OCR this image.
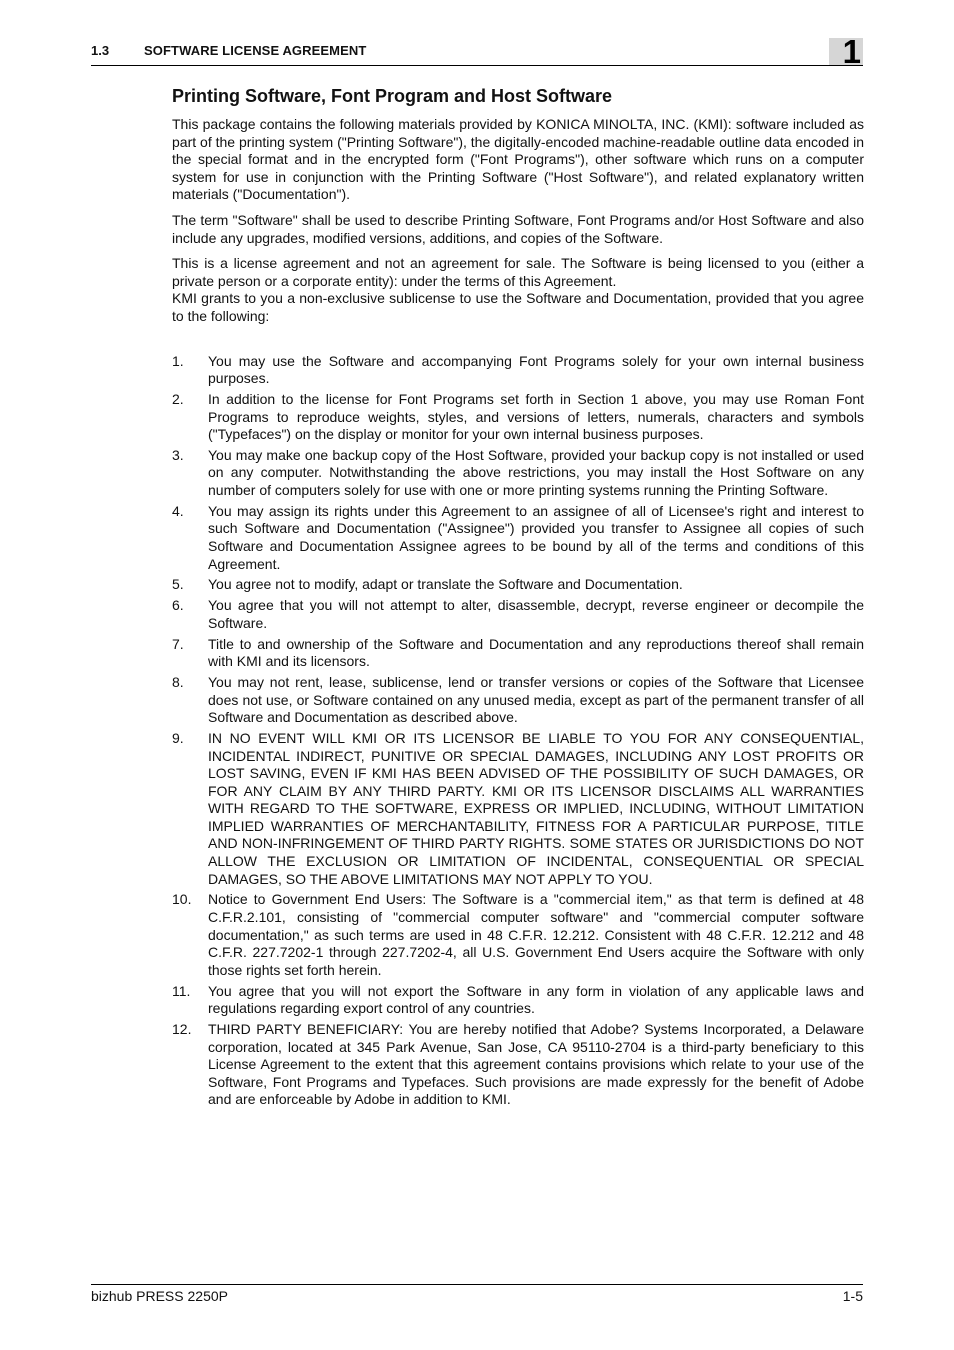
1.3	SOFTWARE LICENSE AGREEMENT	1
Printing Software, Font Program and Host Software

This package contains the following materials provided by KONICA MINOLTA, INC. (KMI): software included as part of the printing system ("Printing Software"), the digitally-encoded machine-readable outline data encoded in the special format and in the encrypted form ("Font Programs"), other software which runs on a computer system for use in conjunction with the Printing Software ("Host Software"), and related explanatory written materials ("Documentation").

The term "Software" shall be used to describe Printing Software, Font Programs and/or Host Software and also include any upgrades, modified versions, additions, and copies of the Software.

This is a license agreement and not an agreement for sale. The Software is being licensed to you (either a private person or a corporate entity): under the terms of this Agreement.
KMI grants to you a non-exclusive sublicense to use the Software and Documentation, provided that you agree to the following:

1. You may use the Software and accompanying Font Programs solely for your own internal business purposes.
2. In addition to the license for Font Programs set forth in Section 1 above, you may use Roman Font Programs to reproduce weights, styles, and versions of letters, numerals, characters and symbols ("Typefaces") on the display or monitor for your own internal business purposes.
3. You may make one backup copy of the Host Software, provided your backup copy is not installed or used on any computer. Notwithstanding the above restrictions, you may install the Host Software on any number of computers solely for use with one or more printing systems running the Printing Software.
4. You may assign its rights under this Agreement to an assignee of all of Licensee's right and interest to such Software and Documentation ("Assignee") provided you transfer to Assignee all copies of such Software and Documentation Assignee agrees to be bound by all of the terms and conditions of this Agreement.
5. You agree not to modify, adapt or translate the Software and Documentation.
6. You agree that you will not attempt to alter, disassemble, decrypt, reverse engineer or decompile the Software.
7. Title to and ownership of the Software and Documentation and any reproductions thereof shall remain with KMI and its licensors.
8. You may not rent, lease, sublicense, lend or transfer versions or copies of the Software that Licensee does not use, or Software contained on any unused media, except as part of the permanent transfer of all Software and Documentation as described above.
9. IN NO EVENT WILL KMI OR ITS LICENSOR BE LIABLE TO YOU FOR ANY CONSEQUENTIAL, INCIDENTAL INDIRECT, PUNITIVE OR SPECIAL DAMAGES, INCLUDING ANY LOST PROFITS OR LOST SAVING, EVEN IF KMI HAS BEEN ADVISED OF THE POSSIBILITY OF SUCH DAMAGES, OR FOR ANY CLAIM BY ANY THIRD PARTY. KMI OR ITS LICENSOR DISCLAIMS ALL WARRANTIES WITH REGARD TO THE SOFTWARE, EXPRESS OR IMPLIED, INCLUDING, WITHOUT LIMITATION IMPLIED WARRANTIES OF MERCHANTABILITY, FITNESS FOR A PARTICULAR PURPOSE, TITLE AND NON-INFRINGEMENT OF THIRD PARTY RIGHTS. SOME STATES OR JURISDICTIONS DO NOT ALLOW THE EXCLUSION OR LIMITATION OF INCIDENTAL, CONSEQUENTIAL OR SPECIAL DAMAGES, SO THE ABOVE LIMITATIONS MAY NOT APPLY TO YOU.
10. Notice to Government End Users: The Software is a "commercial item," as that term is defined at 48 C.F.R.2.101, consisting of "commercial computer software" and "commercial computer software documentation," as such terms are used in 48 C.F.R. 12.212. Consistent with 48 C.F.R. 12.212 and 48 C.F.R. 227.7202-1 through 227.7202-4, all U.S. Government End Users acquire the Software with only those rights set forth herein.
11. You agree that you will not export the Software in any form in violation of any applicable laws and regulations regarding export control of any countries.
12. THIRD PARTY BENEFICIARY: You are hereby notified that Adobe? Systems Incorporated, a Delaware corporation, located at 345 Park Avenue, San Jose, CA 95110-2704 is a third-party beneficiary to this License Agreement to the extent that this agreement contains provisions which relate to your use of the Software, Font Programs and Typefaces. Such provisions are made expressly for the benefit of Adobe and are enforceable by Adobe in addition to KMI.
bizhub PRESS 2250P	1-5
